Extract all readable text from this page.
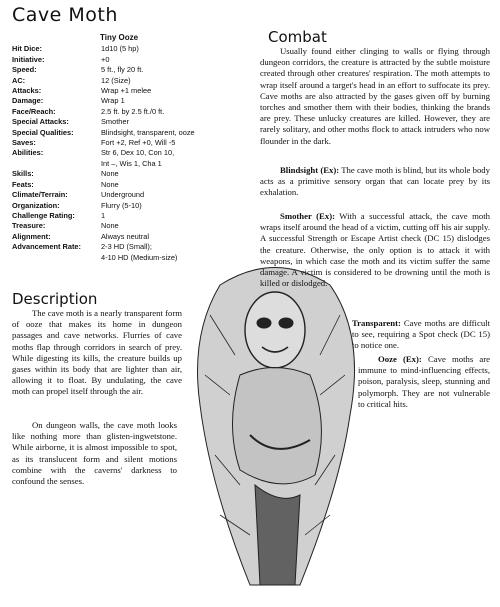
Cave Moth
Tiny Ooze
Hit Dice:	1d10 (5 hp)
Initiative:	+0
Speed:	5 ft., fly 20 ft.
AC:	12 (Size)
Attacks:	Wrap +1 melee
Damage:	Wrap 1
Face/Reach:	2.5 ft. by 2.5 ft./0 ft.
Special Attacks:	Smother
Special Qualities:	Blindsight, transparent, ooze
Saves:	Fort +2, Ref +0, Will -5
Abilities:	Str 6, Dex 10, Con 10,
Int –, Wis 1, Cha 1
Skills:	None
Feats:	None
Climate/Terrain:	Underground
Organization:	Flurry (5-10)
Challenge Rating:	1
Treasure:	None
Alignment:	Always neutral
Advancement Rate:	2-3 HD (Small);
4-10 HD (Medium-size)
Description

The cave moth is a nearly transparent form of ooze that makes its home in dungeon passages and cave networks. Flurries of cave moths flap through corridors in search of prey. While digesting its kills, the creature builds up gases within its body that are lighter than air, allowing it to float. By undulating, the cave moth can propel itself through the air.

On dungeon walls, the cave moth looks like nothing more than glisten-ingwetstone. While airborne, it is almost impossible to spot, as its translucent form and silent motions combine with the caverns' darkness to confound the senses.

Combat

Usually found either clinging to walls or flying through dungeon corridors, the creature is attracted by the subtle moisture created through other creatures' respiration. The moth attempts to wrap itself around a target's head in an effort to suffocate its prey. Cave moths are also attracted by the gases given off by burning torches and smother them with their bodies, thinking the brands are prey. These unlucky creatures are killed. However, they are rarely solitary, and other moths flock to attack intruders who now flounder in the dark.

Blindsight (Ex): The cave moth is blind, but its whole body acts as a primitive sensory organ that can locate prey by its exhalation.

Smother (Ex): With a successful attack, the cave moth wraps itself around the head of a victim, cutting off his air supply. A successful Strength or Escape Artist check (DC 15) dislodges the creature. Otherwise, the only option is to attack it with weapons, in which case the moth and its victim suffer the same damage. A victim is considered to be drowning until the moth is killed or dislodged.

Transparent: Cave moths are difficult to see, requiring a Spot check (DC 15) to notice one.

Ooze (Ex): Cave moths are immune to mind-influencing effects, poison, paralysis, sleep, stunning and polymorph. They are not vulnerable to critical hits.
